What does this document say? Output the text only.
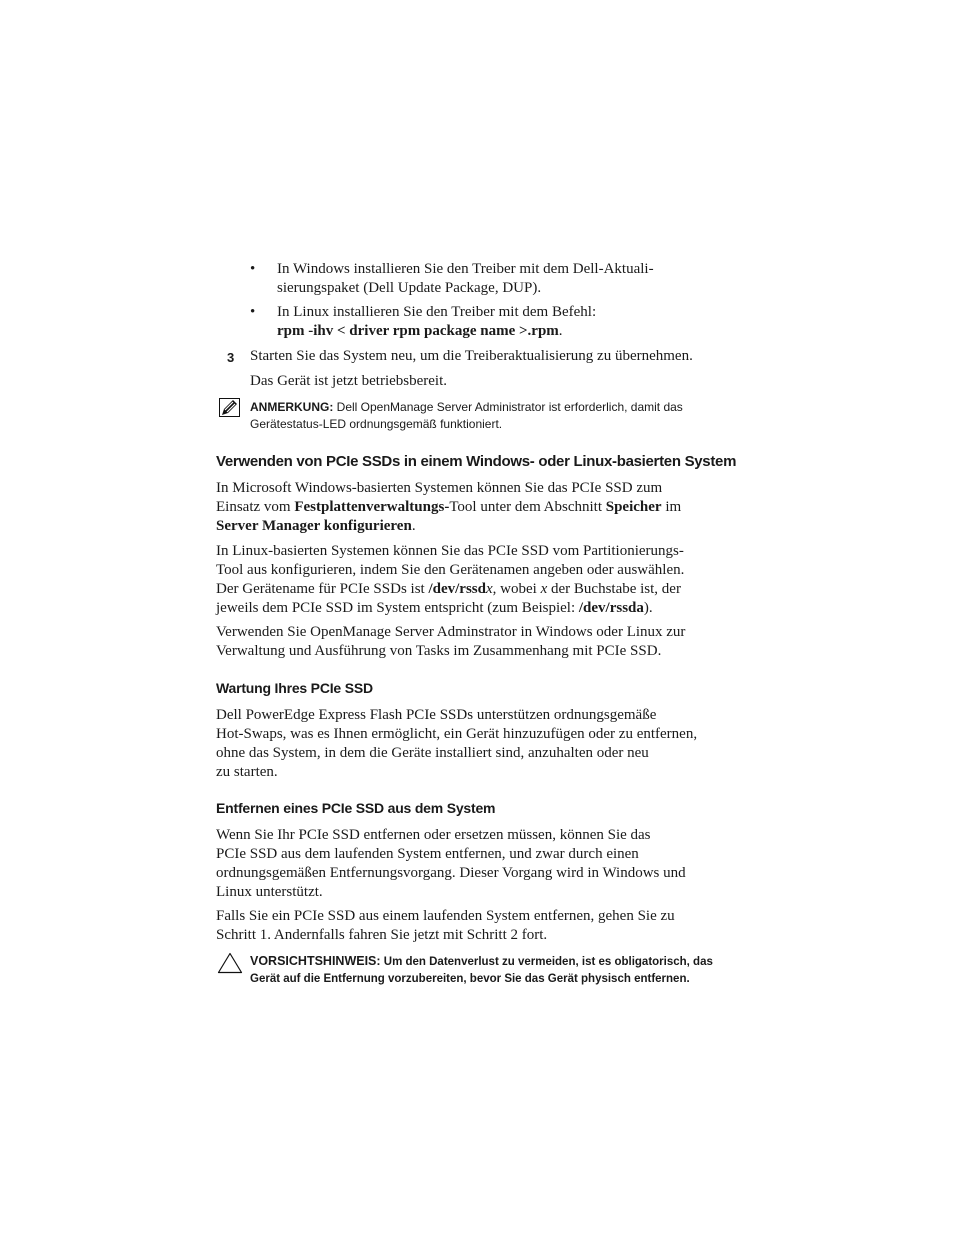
• In Windows installieren Sie den Treiber mit dem Dell-Aktuali-
sierungspaket (Dell Update Package, DUP).
• In Linux installieren Sie den Treiber mit dem Befehl:
rpm -ihv < driver rpm package name >.rpm.
3 Starten Sie das System neu, um die Treiberaktualisierung zu übernehmen.
Das Gerät ist jetzt betriebsbereit.
ANMERKUNG: Dell OpenManage Server Administrator ist erforderlich, damit das
Gerätestatus-LED ordnungsgemäß funktioniert.
Verwenden von PCIe SSDs in einem Windows- oder Linux-basierten System
In Microsoft Windows-basierten Systemen können Sie das PCIe SSD zum
Einsatz vom Festplattenverwaltungs-Tool unter dem Abschnitt Speicher im
Server Manager konfigurieren.
In Linux-basierten Systemen können Sie das PCIe SSD vom Partitionierungs-
Tool aus konfigurieren, indem Sie den Gerätenamen angeben oder auswählen.
Der Gerätename für PCIe SSDs ist /dev/rssdx, wobei x der Buchstabe ist, der
jeweils dem PCIe SSD im System entspricht (zum Beispiel: /dev/rssda).
Verwenden Sie OpenManage Server Adminstrator in Windows oder Linux zur
Verwaltung und Ausführung von Tasks im Zusammenhang mit PCIe SSD.
Wartung Ihres PCIe SSD
Dell PowerEdge Express Flash PCIe SSDs unterstützen ordnungsgemäße
Hot-Swaps, was es Ihnen ermöglicht, ein Gerät hinzuzufügen oder zu entfernen,
ohne das System, in dem die Geräte installiert sind, anzuhalten oder neu
zu starten.
Entfernen eines PCIe SSD aus dem System
Wenn Sie Ihr PCIe SSD entfernen oder ersetzen müssen, können Sie das
PCIe SSD aus dem laufenden System entfernen, und zwar durch einen
ordnungsgemäßen Entfernungsvorgang. Dieser Vorgang wird in Windows und
Linux unterstützt.
Falls Sie ein PCIe SSD aus einem laufenden System entfernen, gehen Sie zu
Schritt 1. Andernfalls fahren Sie jetzt mit Schritt 2 fort.
VORSICHTSHINWEIS: Um den Datenverlust zu vermeiden, ist es obligatorisch, das
Gerät auf die Entfernung vorzubereiten, bevor Sie das Gerät physisch entfernen.
